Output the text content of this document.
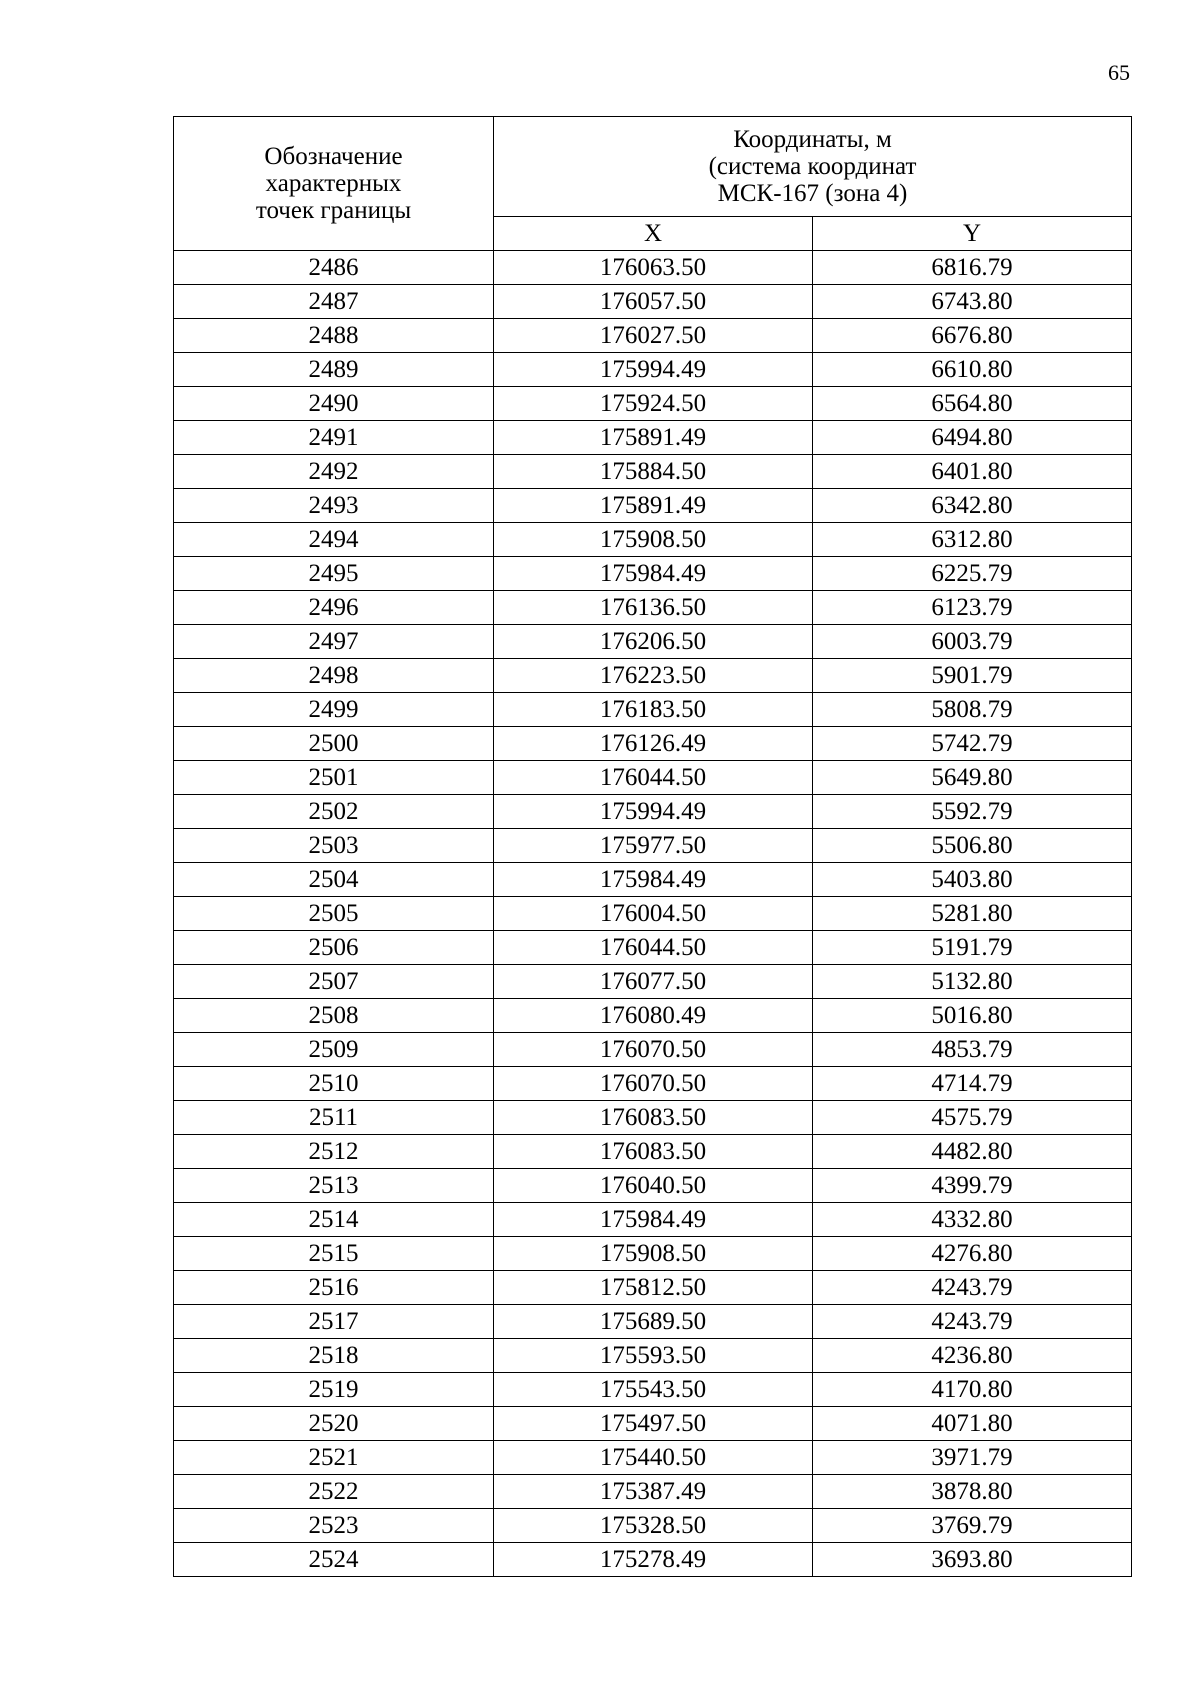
65
Обозначение
характерных
точек границы	Координаты, м
(система координат
МСК-167 (зона 4)	

	X	Y
2486	176063.50	6816.79
2487	176057.50	6743.80
2488	176027.50	6676.80
2489	175994.49	6610.80
2490	175924.50	6564.80
2491	175891.49	6494.80
2492	175884.50	6401.80
2493	175891.49	6342.80
2494	175908.50	6312.80
2495	175984.49	6225.79
2496	176136.50	6123.79
2497	176206.50	6003.79
2498	176223.50	5901.79
2499	176183.50	5808.79
2500	176126.49	5742.79
2501	176044.50	5649.80
2502	175994.49	5592.79
2503	175977.50	5506.80
2504	175984.49	5403.80
2505	176004.50	5281.80
2506	176044.50	5191.79
2507	176077.50	5132.80
2508	176080.49	5016.80
2509	176070.50	4853.79
2510	176070.50	4714.79
2511	176083.50	4575.79
2512	176083.50	4482.80
2513	176040.50	4399.79
2514	175984.49	4332.80
2515	175908.50	4276.80
2516	175812.50	4243.79
2517	175689.50	4243.79
2518	175593.50	4236.80
2519	175543.50	4170.80
2520	175497.50	4071.80
2521	175440.50	3971.79
2522	175387.49	3878.80
2523	175328.50	3769.79
2524	175278.49	3693.80
